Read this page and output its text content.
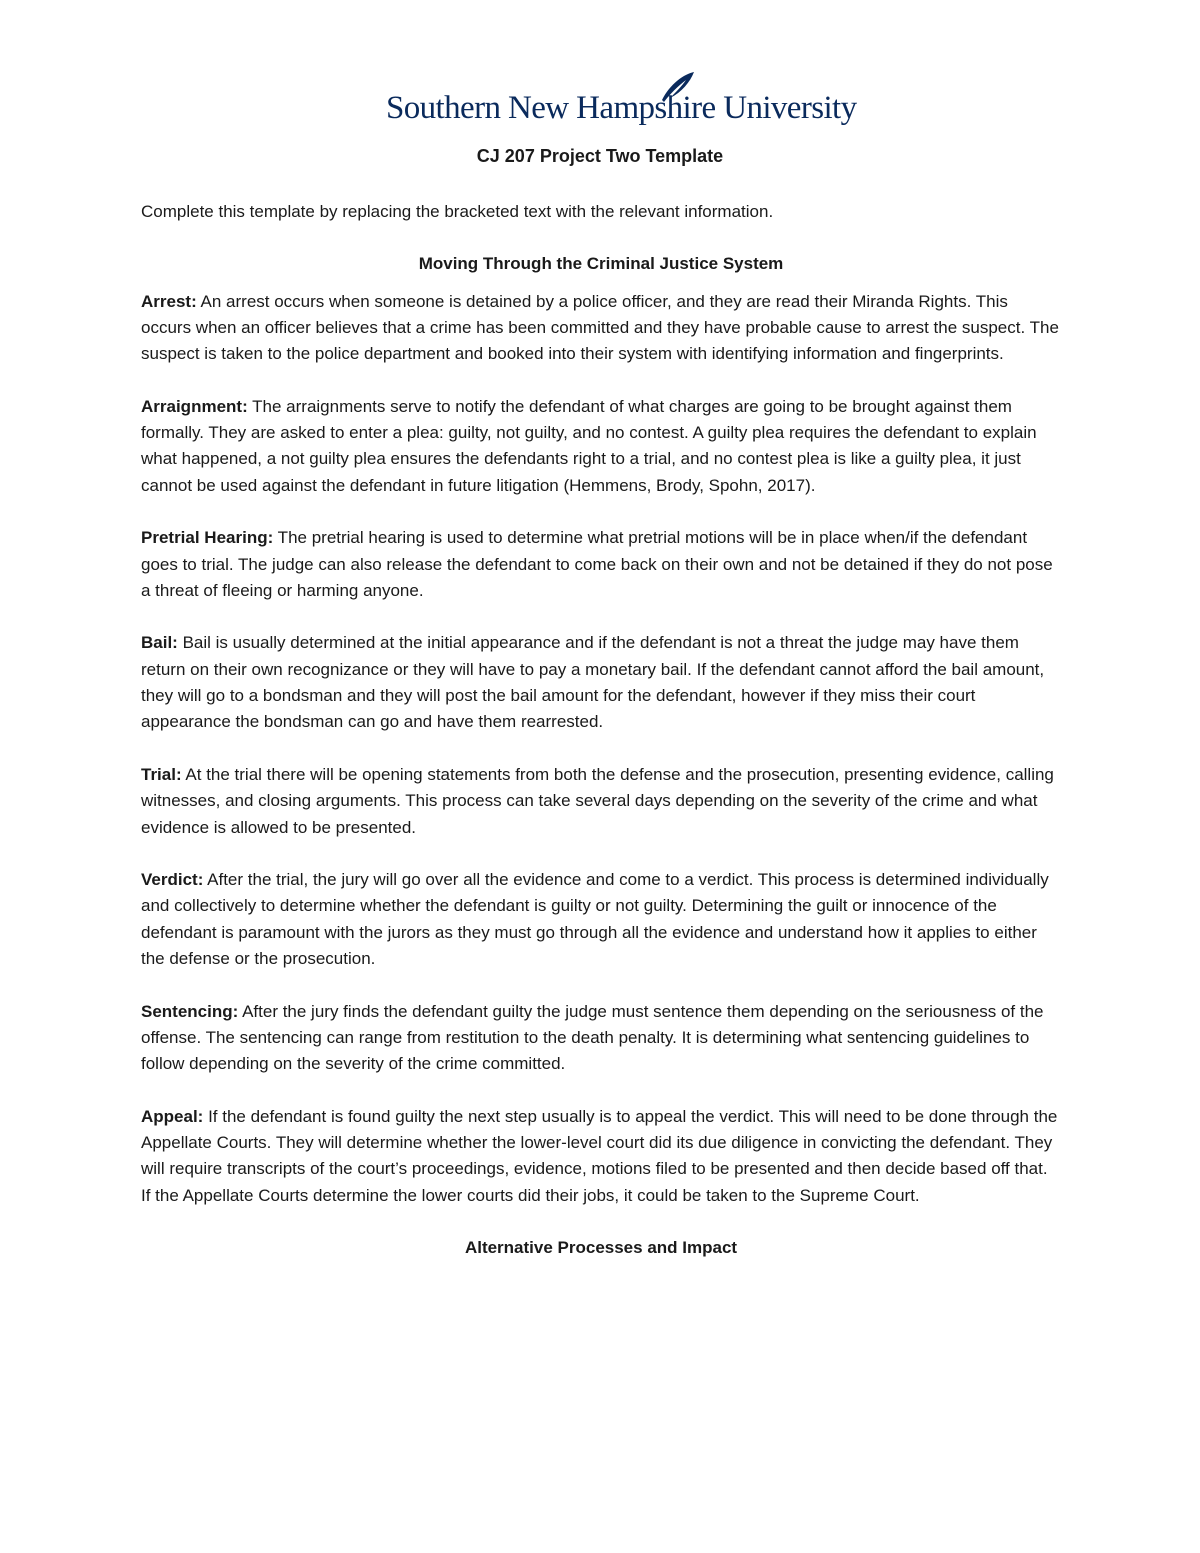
Southern New Hampshire University
CJ 207 Project Two Template

Complete this template by replacing the bracketed text with the relevant information.

Moving Through the Criminal Justice System

Arrest: An arrest occurs when someone is detained by a police officer, and they are read their Miranda Rights. This occurs when an officer believes that a crime has been committed and they have probable cause to arrest the suspect. The suspect is taken to the police department and booked into their system with identifying information and fingerprints.

Arraignment: The arraignments serve to notify the defendant of what charges are going to be brought against them formally. They are asked to enter a plea: guilty, not guilty, and no contest. A guilty plea requires the defendant to explain what happened, a not guilty plea ensures the defendants right to a trial, and no contest plea is like a guilty plea, it just cannot be used against the defendant in future litigation (Hemmens, Brody, Spohn, 2017).

Pretrial Hearing: The pretrial hearing is used to determine what pretrial motions will be in place when/if the defendant goes to trial. The judge can also release the defendant to come back on their own and not be detained if they do not pose a threat of fleeing or harming anyone.

Bail: Bail is usually determined at the initial appearance and if the defendant is not a threat the judge may have them return on their own recognizance or they will have to pay a monetary bail. If the defendant cannot afford the bail amount, they will go to a bondsman and they will post the bail amount for the defendant, however if they miss their court appearance the bondsman can go and have them rearrested.

Trial: At the trial there will be opening statements from both the defense and the prosecution, presenting evidence, calling witnesses, and closing arguments. This process can take several days depending on the severity of the crime and what evidence is allowed to be presented.

Verdict: After the trial, the jury will go over all the evidence and come to a verdict. This process is determined individually and collectively to determine whether the defendant is guilty or not guilty. Determining the guilt or innocence of the defendant is paramount with the jurors as they must go through all the evidence and understand how it applies to either the defense or the prosecution.

Sentencing: After the jury finds the defendant guilty the judge must sentence them depending on the seriousness of the offense. The sentencing can range from restitution to the death penalty. It is determining what sentencing guidelines to follow depending on the severity of the crime committed.

Appeal: If the defendant is found guilty the next step usually is to appeal the verdict. This will need to be done through the Appellate Courts. They will determine whether the lower-level court did its due diligence in convicting the defendant. They will require transcripts of the court’s proceedings, evidence, motions filed to be presented and then decide based off that. If the Appellate Courts determine the lower courts did their jobs, it could be taken to the Supreme Court.

Alternative Processes and Impact
